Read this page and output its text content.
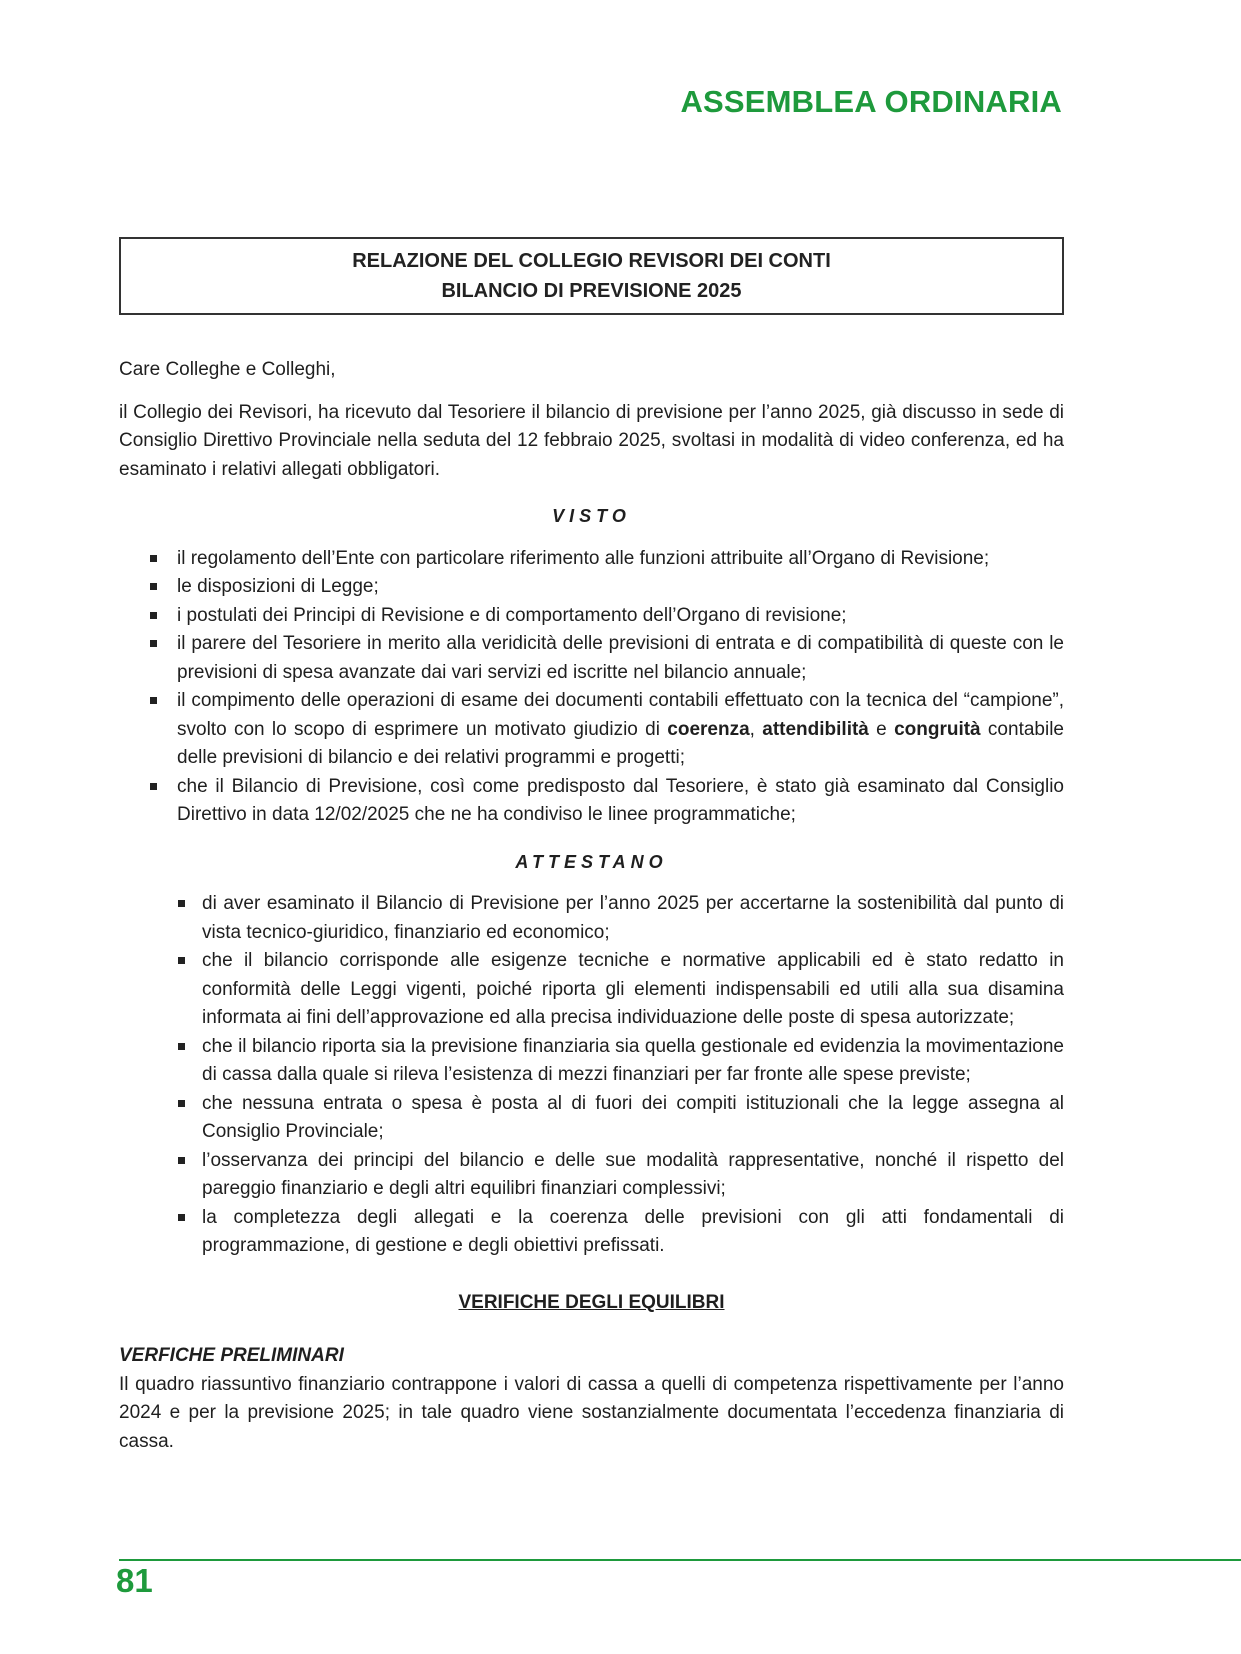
ASSEMBLEA ORDINARIA
RELAZIONE DEL COLLEGIO REVISORI DEI CONTI
BILANCIO DI PREVISIONE 2025

Care Colleghe e Colleghi,

il Collegio dei Revisori, ha ricevuto dal Tesoriere il bilancio di previsione per l’anno 2025, già discusso in sede di Consiglio Direttivo Provinciale nella seduta del 12 febbraio 2025, svoltasi in modalità di video conferenza, ed ha esaminato i relativi allegati obbligatori.

VISTO
il regolamento dell’Ente con particolare riferimento alle funzioni attribuite all’Organo di Revisione;
le disposizioni di Legge;
i postulati dei Principi di Revisione e di comportamento dell’Organo di revisione;
il parere del Tesoriere in merito alla veridicità delle previsioni di entrata e di compatibilità di queste con le previsioni di spesa avanzate dai vari servizi ed iscritte nel bilancio annuale;
il compimento delle operazioni di esame dei documenti contabili effettuato con la tecnica del “campione”, svolto con lo scopo di esprimere un motivato giudizio di coerenza, attendibilità e congruità contabile delle previsioni di bilancio e dei relativi programmi e progetti;
che il Bilancio di Previsione, così come predisposto dal Tesoriere, è stato già esaminato dal Consiglio Direttivo in data 12/02/2025 che ne ha condiviso le linee programmatiche;
ATTESTANO
di aver esaminato il Bilancio di Previsione per l’anno 2025 per accertarne la sostenibilità dal punto di vista tecnico-giuridico, finanziario ed economico;
che il bilancio corrisponde alle esigenze tecniche e normative applicabili ed è stato redatto in conformità delle Leggi vigenti, poiché riporta gli elementi indispensabili ed utili alla sua disamina informata ai fini dell’approvazione ed alla precisa individuazione delle poste di spesa autorizzate;
che il bilancio riporta sia la previsione finanziaria sia quella gestionale ed evidenzia la movimentazione di cassa dalla quale si rileva l’esistenza di mezzi finanziari per far fronte alle spese previste;
che nessuna entrata o spesa è posta al di fuori dei compiti istituzionali che la legge assegna al Consiglio Provinciale;
l’osservanza dei principi del bilancio e delle sue modalità rappresentative, nonché il rispetto del pareggio finanziario e degli altri equilibri finanziari complessivi;
la completezza degli allegati e la coerenza delle previsioni con gli atti fondamentali di programmazione, di gestione e degli obiettivi prefissati.
VERIFICHE DEGLI EQUILIBRI
VERFICHE PRELIMINARI

Il quadro riassuntivo finanziario contrappone i valori di cassa a quelli di competenza rispettivamente per l’anno 2024 e per la previsione 2025; in tale quadro viene sostanzialmente documentata l’eccedenza finanziaria di cassa.

81
